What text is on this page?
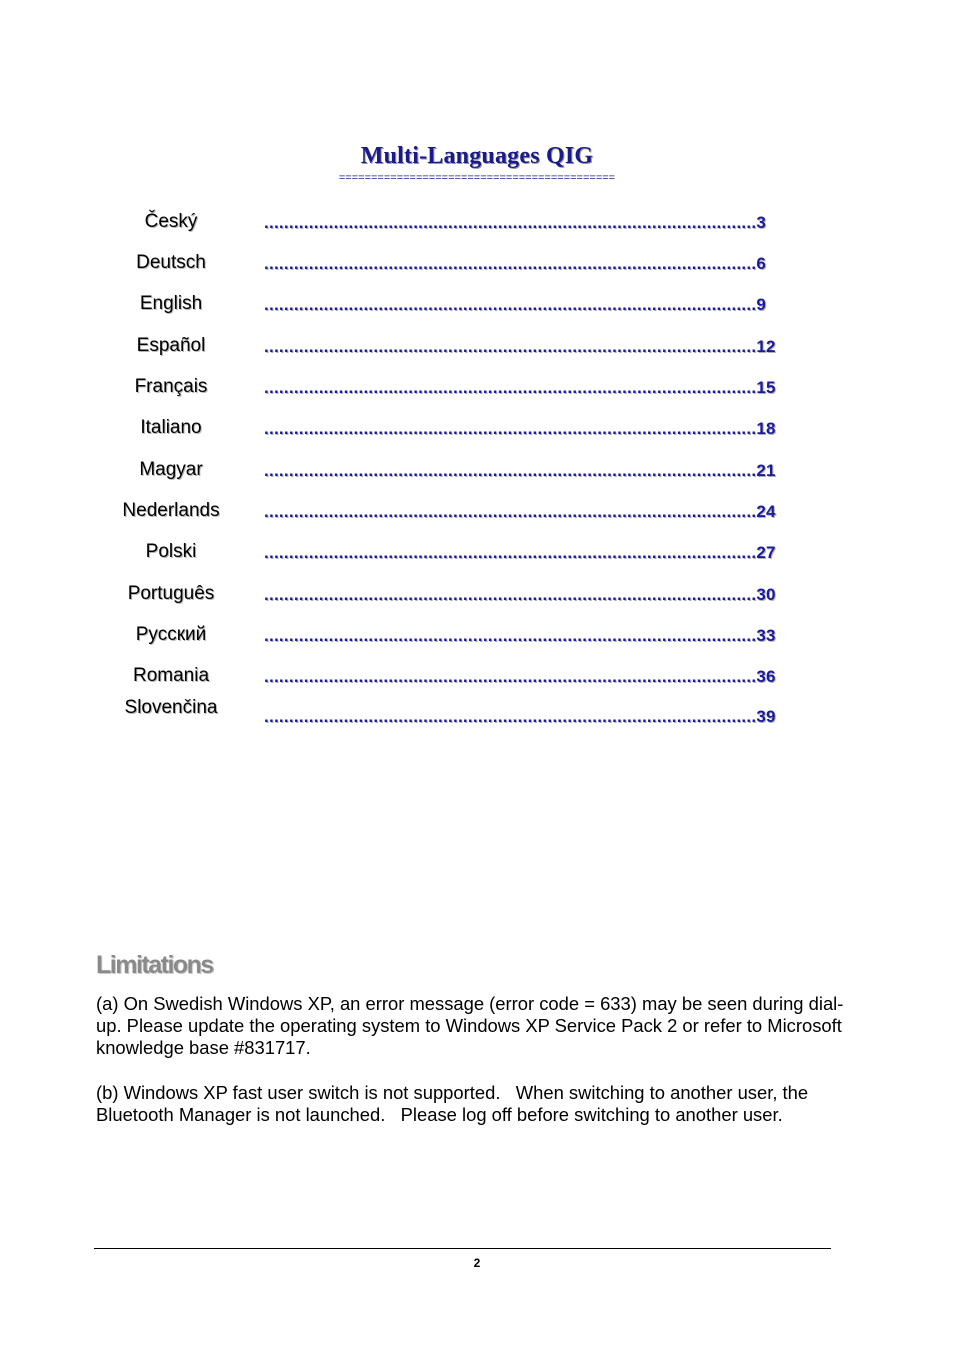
Multi-Languages QIG
===========================================
Český	...................................................................................................3
Deutsch	...................................................................................................6
English	...................................................................................................9
Español	...................................................................................................12
Français	...................................................................................................15
Italiano	...................................................................................................18
Magyar	...................................................................................................21
Nederlands	...................................................................................................24
Polski	...................................................................................................27
Português	...................................................................................................30
Русский	...................................................................................................33
Romania	...................................................................................................36
Slovenčina	...................................................................................................39
Limitations
(a) On Swedish Windows XP, an error message (error code = 633) may be seen during dial-up. Please update the operating system to Windows XP Service Pack 2 or refer to Microsoft knowledge base #831717.
(b) Windows XP fast user switch is not supported.   When switching to another user, the Bluetooth Manager is not launched.   Please log off before switching to another user.
2
